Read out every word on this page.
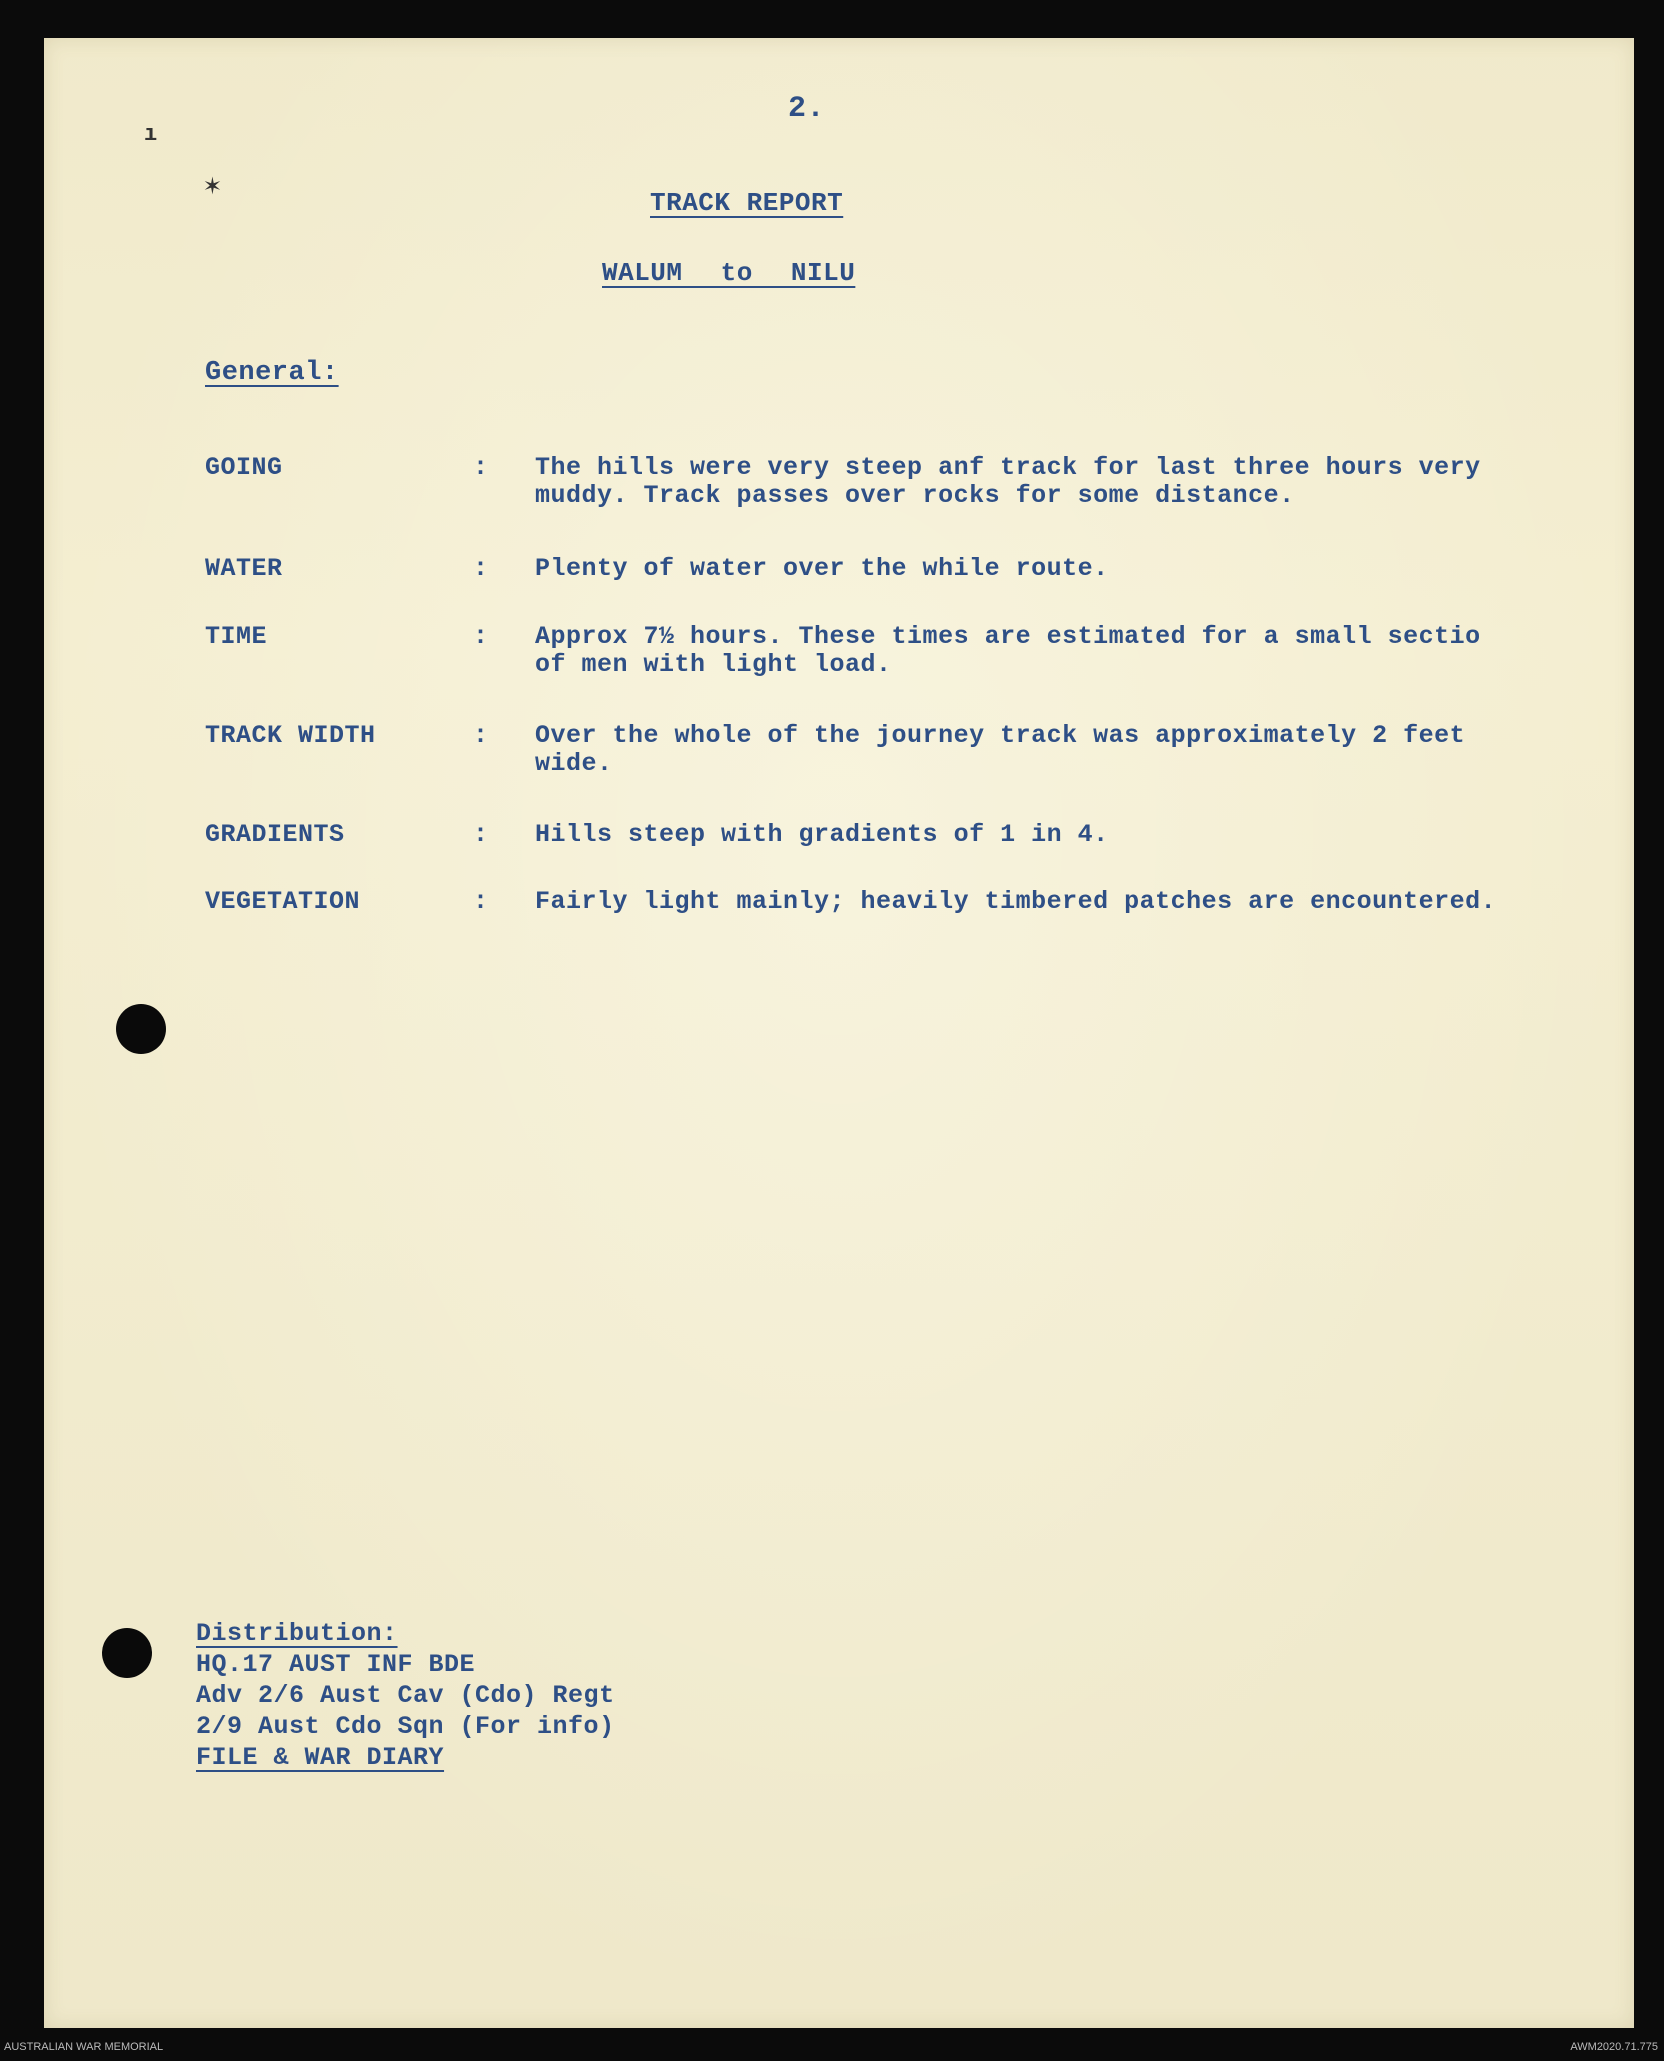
ı
✶
2.
TRACK REPORT
WALUM to NILU
General:
GOING	: The hills were very steep anf track for last three hours very
muddy. Track passes over rocks for some distance.
WATER	: Plenty of water over the while route.
TIME	: Approx 7½ hours. These times are estimated for a small sectio
of men with light load.
TRACK WIDTH	: Over the whole of the journey track was approximately 2 feet
wide.
GRADIENTS	: Hills steep with gradients of 1 in 4.
VEGETATION	: Fairly light mainly; heavily timbered patches are encountered.
Distribution:
HQ.17 AUST INF BDE
Adv 2/6 Aust Cav (Cdo) Regt
2/9 Aust Cdo Sqn (For info)
FILE & WAR DIARY
AUSTRALIAN WAR MEMORIAL	AWM2020.71.775
